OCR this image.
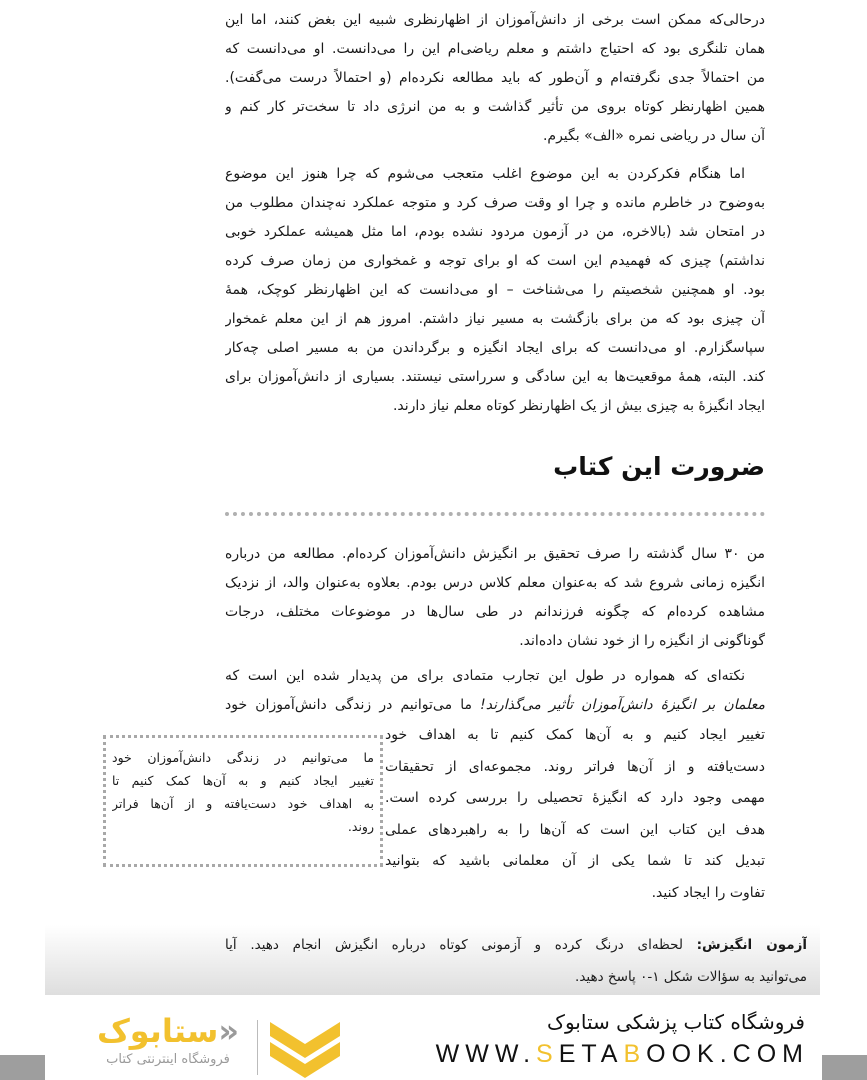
درحالی‌که ممکن است برخی از دانش‌آموزان از اظهارنظری شبیه این بغض کنند، اما این
همان تلنگری بود که احتیاج داشتم و معلم ریاضی‌ام این را می‌دانست. او می‌دانست که
من احتمالاً جدی نگرفته‌ام و آن‌طور که باید مطالعه نکرده‌ام (و احتمالاً درست می‌گفت).
همین اظهارنظر کوتاه بروی من تأثیر گذاشت و به من انرژی داد تا سخت‌تر کار کنم و
آن سال در ریاضی نمره «الف» بگیرم.
اما هنگام فکرکردن به این موضوع اغلب متعجب می‌شوم که چرا هنوز این موضوع
به‌وضوح در خاطرم مانده و چرا او وقت صرف کرد و متوجه عملکرد نه‌چندان مطلوب من
در امتحان شد (بالاخره، من در آزمون مردود نشده بودم، اما مثل همیشه عملکرد خوبی
نداشتم) چیزی که فهمیدم این است که او برای توجه و غمخواری من زمان صرف کرده
بود. او همچنین شخصیتم را می‌شناخت – او می‌دانست که این اظهارنظر کوچک، همهٔ
آن چیزی بود که من برای بازگشت به مسیر نیاز داشتم. امروز هم از این معلم غمخوار
سپاسگزارم. او می‌دانست که برای ایجاد انگیزه و برگرداندن من به مسیر اصلی چه‌کار
کند. البته، همهٔ موقعیت‌ها به این سادگی و سرراستی نیستند. بسیاری از دانش‌آموزان برای
ایجاد انگیزهٔ به چیزی بیش از یک اظهارنظر کوتاه معلم نیاز دارند.
ضرورت این کتاب
من ۳۰ سال گذشته را صرف تحقیق بر انگیزش دانش‌آموزان کرده‌ام. مطالعه من درباره
انگیزه زمانی شروع شد که به‌عنوان معلم کلاس درس بودم. بعلاوه به‌عنوان والد، از نزدیک
مشاهده کرده‌ام که چگونه فرزندانم در طی سال‌ها در موضوعات مختلف، درجات
گوناگونی از انگیزه را از خود نشان داده‌اند.
نکته‌ای که همواره در طول این تجارب متمادی برای من پدیدار شده این است که
معلمان بر انگیزهٔ دانش‌آموزان تأثیر می‌گذارند! ما می‌توانیم در زندگی دانش‌آموزان خود
تغییر ایجاد کنیم و به آن‌ها کمک کنیم تا به اهداف خود
دست‌یافته و از آن‌ها فراتر روند. مجموعه‌ای از تحقیقات
مهمی وجود دارد که انگیزهٔ تحصیلی را بررسی کرده است.
هدف این کتاب این است که آن‌ها را به راهبردهای عملی
تبدیل کند تا شما یکی از آن معلمانی باشید که بتوانید
تفاوت را ایجاد کنید.
ما می‌توانیم در زندگی دانش‌آموزان خود
تغییر ایجاد کنیم و به آن‌ها کمک کنیم تا
به اهداف خود دست‌یافته و از آن‌ها فراتر
روند.
آزمون انگیزش: لحظه‌ای درنگ کرده و آزمونی کوتاه درباره انگیزش انجام دهید. آیا
می‌توانید به سؤالات شکل ۱-۰ پاسخ دهید.
فروشگاه کتاب پزشکی ستابوک
WWW.SETABOOK.COM
«ستابوک
فروشگاه اینترنتی کتاب
